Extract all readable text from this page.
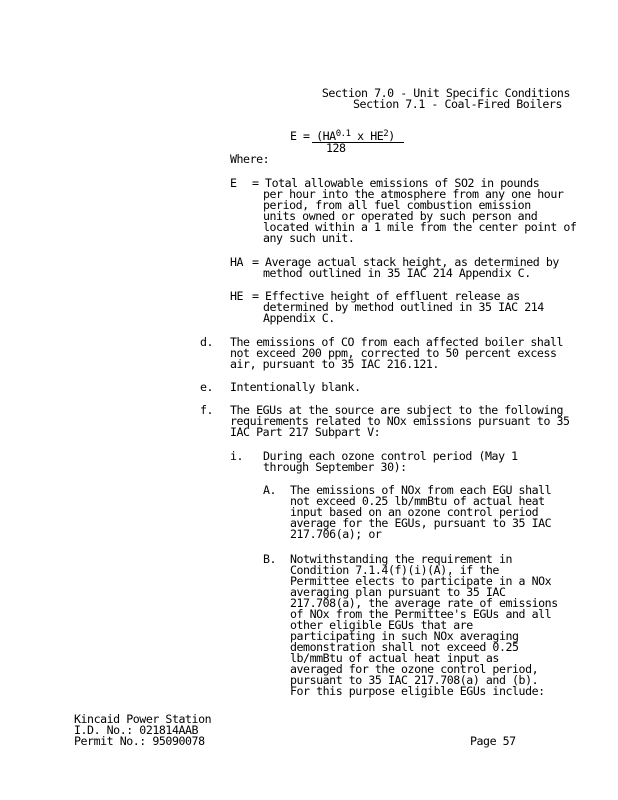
Section 7.0 - Unit Specific Conditions
Section 7.1 - Coal-Fired Boilers
$E = (HA^{0.1}$ x $HE^2$)
128
Where:
E = Total allowable emissions of SO2 in pounds
per hour into the atmosphere from any one hour
period, from all fuel combustion emission
units owned or operated by such person and
located within a 1 mile from the center point of
any such unit.
HA = Average actual stack height, as determined by
method outlined in 35 IAC 214 Appendix C.
HE = Effective height of effluent release as
determined by method outlined in 35 IAC 214
Appendix C.
d. The emissions of CO from each affected boiler shall
not exceed 200 ppm, corrected to 50 percent excess
air, pursuant to 35 IAC 216.121.
e. Intentionally blank.
f. The EGUs at the source are subject to the following
requirements related to NOx emissions pursuant to 35
IAC Part 217 Subpart V:
i. During each ozone control period (May 1
through September 30):
A. The emissions of NOx from each EGU shall
not exceed 0.25 lb/mmBtu of actual heat
input based on an ozone control period
average for the EGUs, pursuant to 35 IAC
217.706(a); or
B. Notwithstanding the requirement in
Condition 7.1.4(f)(i)(A), if the
Permittee elects to participate in a NOx
averaging plan pursuant to 35 IAC
217.708(a), the average rate of emissions
of NOx from the Permittee's EGUs and all
other eligible EGUs that are
participating in such NOx averaging
demonstration shall not exceed 0.25
lb/mmBtu of actual heat input as
averaged for the ozone control period,
pursuant to 35 IAC 217.708(a) and (b).
For this purpose eligible EGUs include:
Kincaid Power Station
I.D. No.: 021814AAB
Permit No.: 95090078	Page 57
